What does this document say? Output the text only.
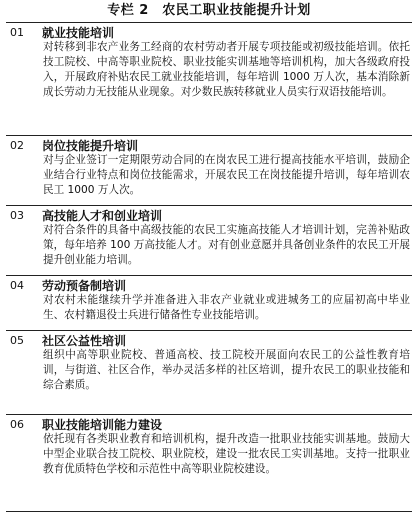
专栏 2　农民工职业技能提升计划
01	就业技能培训

对转移到非农产业务工经商的农村劳动者开展专项技能或初级技能培训。依托技工院校、中高等职业院校、职业技能实训基地等培训机构，加大各级政府投入，开展政府补贴农民工就业技能培训，每年培训 1000 万人次，基本消除新成长劳动力无技能从业现象。对少数民族转移就业人员实行双语技能培训。

02	岗位技能提升培训

对与企业签订一定期限劳动合同的在岗农民工进行提高技能水平培训，鼓励企业结合行业特点和岗位技能需求，开展农民工在岗技能提升培训，每年培训农民工 1000 万人次。

03	高技能人才和创业培训

对符合条件的具备中高级技能的农民工实施高技能人才培训计划，完善补贴政策，每年培养 100 万高技能人才。对有创业意愿并具备创业条件的农民工开展提升创业能力培训。

04	劳动预备制培训

对农村未能继续升学并准备进入非农产业就业或进城务工的应届初高中毕业生、农村籍退役士兵进行储备性专业技能培训。

05	社区公益性培训

组织中高等职业院校、普通高校、技工院校开展面向农民工的公益性教育培训，与街道、社区合作，举办灵活多样的社区培训，提升农民工的职业技能和综合素质。

06	职业技能培训能力建设

依托现有各类职业教育和培训机构，提升改造一批职业技能实训基地。鼓励大中型企业联合技工院校、职业院校，建设一批农民工实训基地。支持一批职业教育优质特色学校和示范性中高等职业院校建设。
